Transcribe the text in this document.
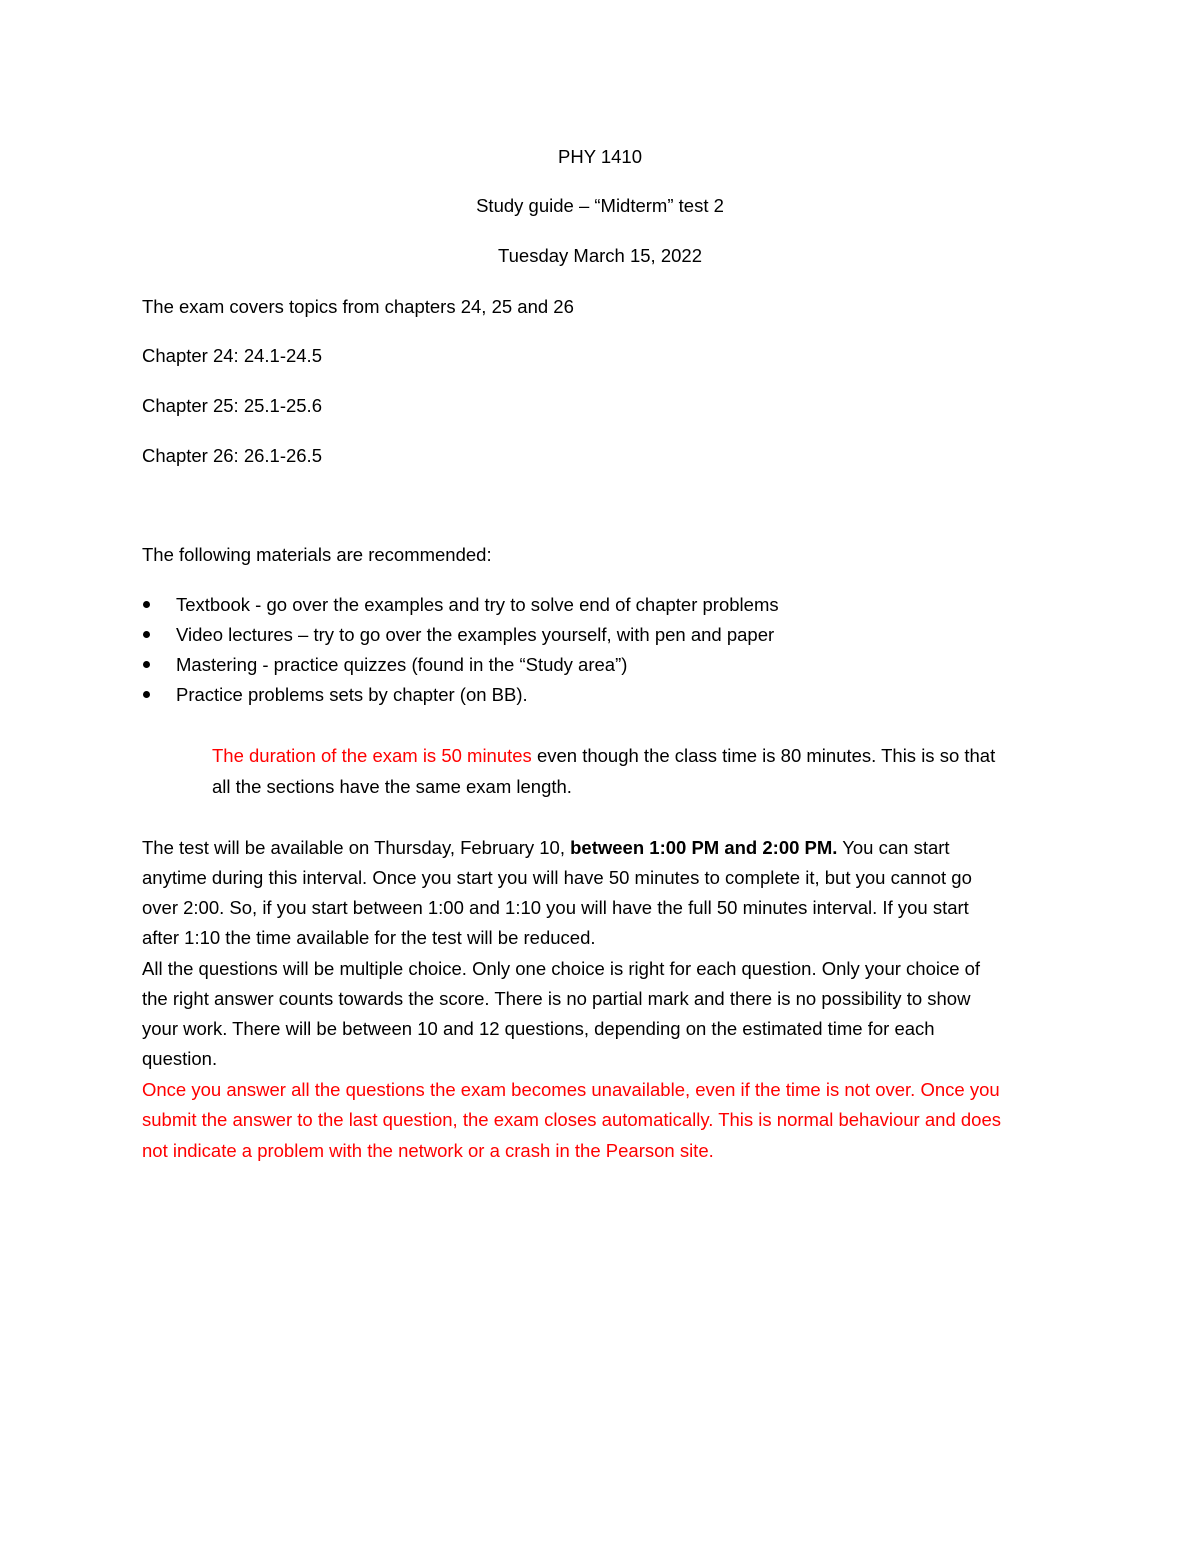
PHY 1410
Study guide – “Midterm” test 2
Tuesday March 15, 2022
The exam covers topics from chapters 24, 25 and 26
Chapter 24: 24.1-24.5
Chapter 25: 25.1-25.6
Chapter 26: 26.1-26.5
The following materials are recommended:
Textbook - go over the examples and try to solve end of chapter problems
Video lectures – try to go over the examples yourself, with pen and paper
Mastering - practice quizzes (found in the “Study area”)
Practice problems sets by chapter (on BB).
The duration of the exam is 50 minutes even though the class time is 80 minutes. This is so that
all the sections have the same exam length.
The test will be available on Thursday, February 10, between 1:00 PM and 2:00 PM. You can start
anytime during this interval. Once you start you will have 50 minutes to complete it, but you cannot go
over 2:00. So, if you start between 1:00 and 1:10 you will have the full 50 minutes interval. If you start
after 1:10 the time available for the test will be reduced.
All the questions will be multiple choice. Only one choice is right for each question. Only your choice of
the right answer counts towards the score. There is no partial mark and there is no possibility to show
your work. There will be between 10 and 12 questions, depending on the estimated time for each
question.
Once you answer all the questions the exam becomes unavailable, even if the time is not over. Once you
submit the answer to the last question, the exam closes automatically. This is normal behaviour and does
not indicate a problem with the network or a crash in the Pearson site.
